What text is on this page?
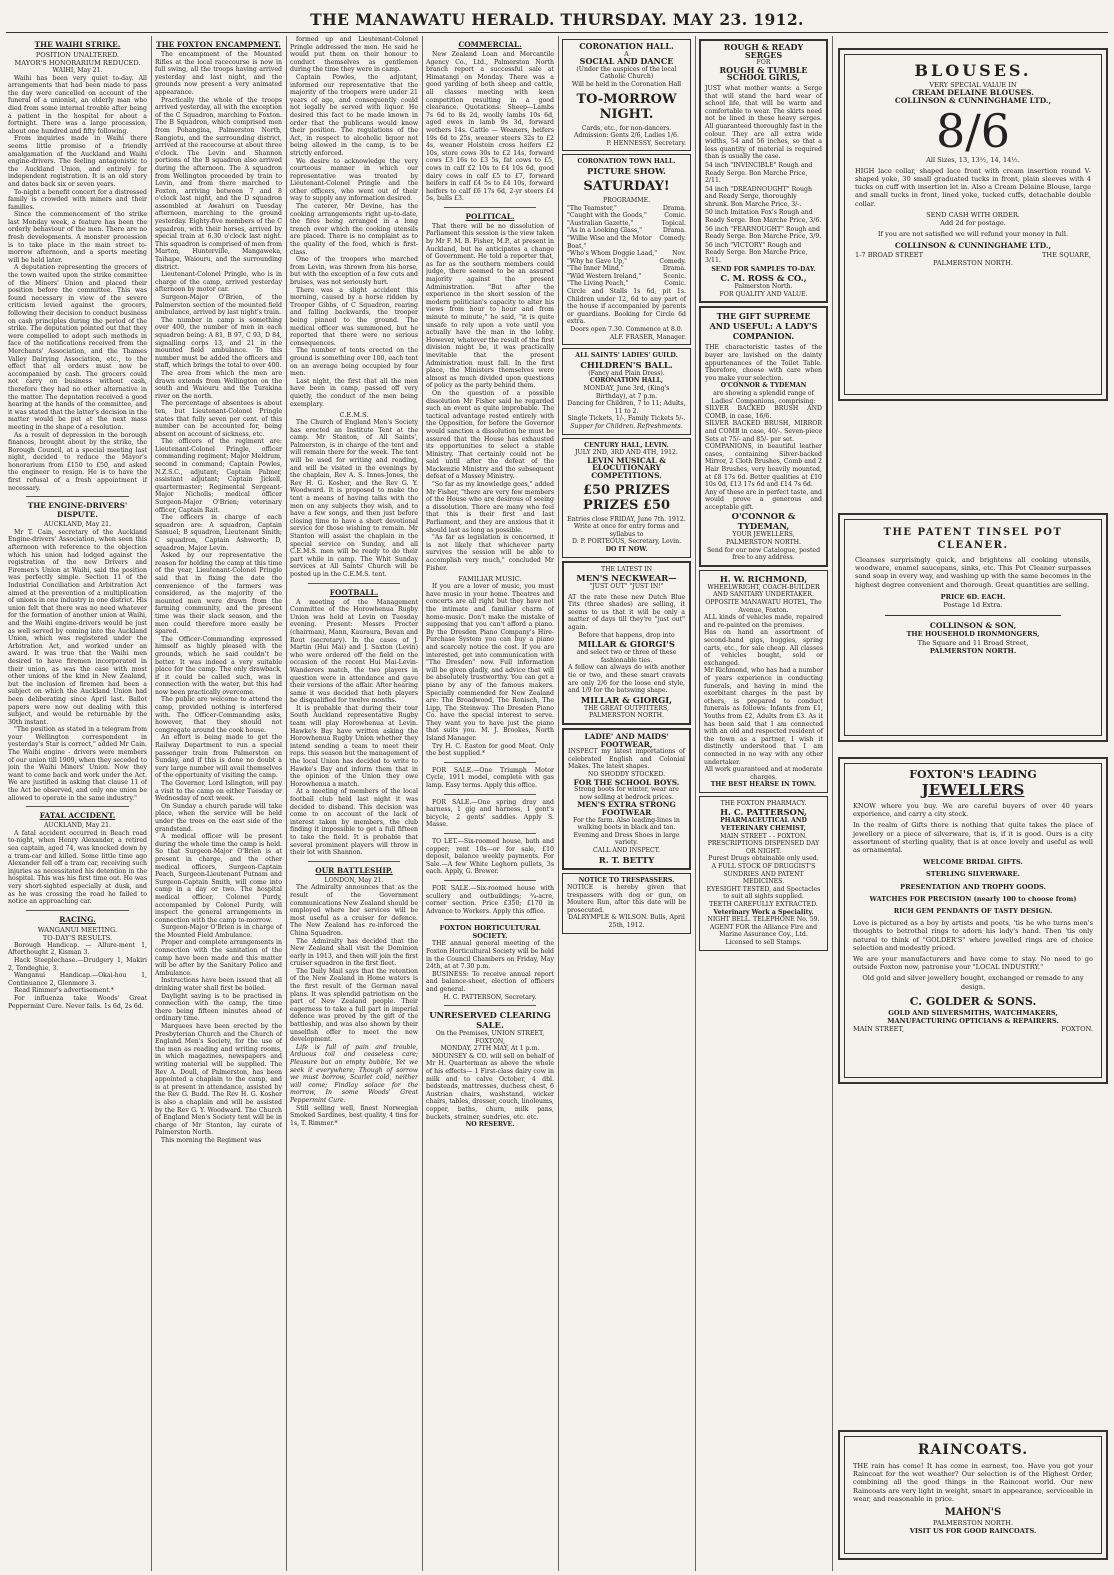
THE MANAWATU HERALD. THURSDAY. MAY 23. 1912.
THE WAIHI STRIKE.
POSITION UNALTERED.
MAYOR'S HONORARIUM REDUCED.
WAIHI, May 21.

Waihi has been very quiet to-day. All arrangements that had been made to pass the day were cancelled on account of the funeral of a unionist, an elderly man who died from some internal trouble after being a patient in the hospital for about a fortnight. There was a large procession, about one hundred and fifty following.

From inquiries made in Waihi there seems little promise of a friendly amalgamation of the Auckland and Waihi engine-drivers. The feeling antagonistic to the Auckland Union, and entirely for independent registration. It is an old story and dates back six or seven years.

To-night a benefit concert for a distressed family is crowded with miners and their families.

Since the commencement of the strike last Monday week, a feature has been the orderly behaviour of the men. There are no fresh developments. A monster procession is to take place in the main street to-morrow afternoon, and a sports meeting will be held later.

A deputation representing the grocers of the town waited upon the strike committee of the Miners' Union and placed their position before the committee. This was found necessary in view of the severe criticism levied against the grocers, following their decision to conduct business on cash principles during the period of the strike. The deputation pointed out that they were compelled to adopt such methods in face of the notifications received from the Merchants' Association, and the Thames Valley Dairying Association, etc., to the effect that all orders must now be accompanied by cash. The grocers could not carry on business without cash, therefore they had no other alternative in the matter. The deputation received a good hearing at the hands of the committee, and it was stated that the latter's decision in the matter would be put at the next mass meeting in the shape of a resolution.

As a result of depression in the borough finances, brought about by the strike, the Borough Council, at a special meeting last night, decided to reduce the Mayor's honorarium from £150 to £50, and asked the engineer to resign. He is to have the first refusal of a fresh appointment if necessary.

THE ENGINE-DRIVERS' DISPUTE.
AUCKLAND, May 21.

Mr T. Cain, secretary of the Auckland Engine-drivers' Association, when seen this afternoon with reference to the objection which his union had lodged against the registration of the new Drivers and Firemen's Union at Waihi, said the position was perfectly simple. Section 11 of the Industrial Conciliation and Arbitration Act aimed at the prevention of a multiplication of unions in one industry in one district. His union felt that there was no need whatever for the formation of another union at Waihi, and the Waihi engine-drivers would be just as well served by coming into the Auckland Union, which was registered under the Arbitration Act, and worked under an award. It was true that the Waihi men desired to have firemen incorporated in their union, as was the case with most other unions of the kind in New Zealand, but the inclusion of firemen had been a subject on which the Auckland Union had been deliberating since April last. Ballot papers were now out dealing with this subject, and would be returnable by the 30th instant.

"The position as stated in a telegram from your Wellington correspondent in yesterday's Star is correct," added Mr Cain. The Waihi engine - drivers were members of our union till 1909, when they seceded to join the Waihi Miners' Union. Now they want to come back and work under the Act. We are justified in asking that clause 11 of the Act be observed, and only one union be allowed to operate in the same industry."

FATAL ACCIDENT.
AUCKLAND, May 21.

A fatal accident occurred in Beach road to-night, when Henry Alexander, a retired sea captain, aged 74, was knocked down by a tram-car and killed. Some little time ago Alexander fell off a tram car, receiving such injuries as necessitated his detention in the hospital. This was his first time out. He was very short-sighted especially at dusk, and as he was crossing the road he failed to notice an approaching car.

RACING.
WANGANUI MEETING.
TO-DAY'S RESULTS.

Borough Handicap. — Allure-ment 1, Afterthought 2, Kisman 3.

Hack Steeplechase.—Drudgery 1, Makiri 2, Tondeghie, 3.

Wanganui Handicap.—Okai-hou 1, Continuance 2, Glenmore 3.

Read Rimmer's advertisement.*

For influenza take Woods' Great Peppermint Cure. Never fails. 1s 6d, 2s 6d.

THE FOXTON ENCAMPMENT.

The encampment of the Mounted Rifles at the local racecourse is now in full swing, all the troops having arrived yesterday and last night, and the grounds now present a very animated appearance.

Practically the whole of the troops arrived yesterday, all with the exception of the C Squadron, marching to Foxton. The B Squadron, which comprised men from Pohangina, Palmerston North, Rangiotu, and the surrounding district, arrived at the racecourse at about three o'clock. The Levin and Shannon portions of the B squadron also arrived during the afternoon. The A squadron from Wellington proceeded by train to Levin, and from there marched to Foxton, arriving between 7 and 8 o'clock last night, and the D squadron assembled at Awahuri on Tuesday afternoon, marching to the ground yesterday. Eighty-five members of the C squadron, with their horses, arrived by special train at 6.30 o'clock last night. This squadron is comprised of men from Marton, Hunterville, Mangaweka, Taihape, Waiouru, and the surrounding district.

Lieutenant-Colonel Pringle, who is in charge of the camp, arrived yesterday afternoon by motor car.

Surgeon-Major O'Brien, of the Palmerston section of the mounted field ambulance, arrived by last night's train.

The number in camp is something over 400, the number of men in each squadron being: A 81, B 97, C 93, D 84, signalling corps 13, and 21 in the mounted field ambulance. To this number must be added the officers and staff, which brings the total to over 400.

The area from which the men are drawn extends from Wellington on the south and Waiouru and the Turakina river on the north.

The percentage of absentees is about ten, but Lieutenant-Colonel Pringle states that fully seven per cent. of this number can be accounted for, being absent on account of sickness, etc.

The officers of the regiment are: Lieutenant-Colonel Pringle, officer commanding regiment; Major Meldrum, second in command; Captain Powles, N.Z.S.C., adjutant; Captain Palmer, assistant adjutant; Captain Jickell, quartermaster; Regimental Sergeant-Major Nicholls; medical officer Surgeon-Major O'Brien; veterinary officer, Captain Rait.

The officers in charge of each squadron are: A squadron, Captain Samuel; B squadron, Lieutenant Smith; C squadron, Captain Ashworth; D, squadron, Major Levin.

Asked by our representative the reason for holding the camp at this time of the year, Lieutenant-Colonel Pringle said that in fixing the date the convenience of the farmers was considered, as the majority of the mounted men were drawn from the farming community, and the present time was their slack season, and the men could therefore more easily be spared.

The Officer-Commanding expressed himself as highly pleased with the grounds, which he said couldn't be better. It was indeed a very suitable place for the camp. The only drawback, if it could be called such, was in connection with the water, but this had now been practically overcome.

The public are welcome to attend the camp, provided nothing is interfered with. The Officer-Commanding asks, however, that they should not congregate around the cook house.

An effort is being made to get the Railway Department to run a special passenger train from Palmerston on Sunday, and if this is done no doubt a very large number will avail themselves of the opportunity of visiting the camp.

The Governor, Lord Islington, will pay a visit to the camp on either Tuesday or Wednesday of next week.

On Sunday a church parade will take place, when the service will be held under the trees on the east side of the grandstand.

A medical officer will be present during the whole time the camp is held. So that Surgeon-Major O'Brien is at present in charge, and the other medical officers, Surgeon-Captain Peach, Surgeon-Lieutenant Putnam and Surgeon-Captain Smith, will come into camp in a day or two. The hospital medical officer, Colonel Purdy, accompanied by Colonel Purdy, will inspect the general arrangements in connection with the camp to-morrow.

Surgeon-Major O'Brien is in charge of the Mounted Field Ambulance.

Proper and complete arrangements in connection with the sanitation of the camp have been made and this matter will be after by the Sanitary Police and Ambulance.

Instructions have been issued that all drinking water shall first be boiled.

Daylight saving is to be practised in connection with the camp, the time there being fifteen minutes ahead of ordinary time.

Marquees have been erected by the Presbyterian Church and the Church of England Men's Society, for the use of the men as reading and writing rooms, in which magazines, newspapers and writing material will be supplied. The Rev A. Doull, of Palmerston, has been appointed a chaplain to the camp, and is at present in attendance, assisted by the Rev G. Budd. The Rev H. G. Kosher is also a chaplain and will be assisted by the Rev G. Y. Woodward. The Church of England Men's Society tent will be in charge of Mr Stanton, lay curate of Palmerston North.

This morning the Regiment was

formed up and Lieutenant-Colonel Pringle addressed the men. He said he would put them on their honour to conduct themselves as gentlemen during the time they were in camp.

Captain Powles, the adjutant, informed our representative that the majority of the troopers were under 21 years of age, and consequently could not legally be served with liquor. He desired this fact to be made known in order that the publicans would know their position. The regulations of the Act, in respect to alcoholic liquor not being allowed in the camp, is to be strictly enforced.

We desire to acknowledge the very courteous manner in which our representative was treated by Lieutenant-Colonel Pringle and the other officers, who went out of their way to supply any information desired.

The caterer, Mr Devine, has the cooking arrangements right up-to-date, the fires being arranged in a long trench over which the cooking utensils are placed. There is no complaint as to the quality of the food, which is first-class.

One of the troopers who marched from Levin, was thrown from his horse, but with the exception of a few cuts and bruises, was not seriously hurt.

There was a slight accident this morning, caused by a horse ridden by Trooper Gibbs, of C Squadron, rearing and falling backwards, the trooper being pinned to the ground. The medical officer was summoned, but he reported that there were no serious consequences.

The number of tents erected on the ground is something over 100, each tent on an average being occupied by four men.

Last night, the first that all the men have been in camp, passed off very quietly, the conduct of the men being exemplary.

C.E.M.S.

The Church of England Men's Society has erected an Institute Tent at the camp. Mr Stanton, of All Saints', Palmerston, is in charge of the tent and will remain there for the week. The tent will be used for writing and reading, and will be visited in the evenings by the chaplain, Rev A. S. Innes-Jones, the Rev H. G. Kosher, and the Rev G. Y. Woodward. It is proposed to make the tent a means of having talks with the men on any subjects they wish, and to have a few songs, and then just before closing time to have a short devotional service for those wishing to remain. Mr Stanton will assist the chaplain in the special service on Sunday, and all C.E.M.S. men will be ready to do their part while in camp. The Whit Sunday services at All Saints' Church will be posted up in the C.E.M.S. tent.

FOOTBALL.

A meeting of the Management Committee of the Horowhenua Rugby Union was held at Levin on Tuesday evening. Present: Messrs Procter (chairman), Mann, Kauraura, Bevan and Rout (secretary). In the cases of J. Martin (Hui Mai) and J. Saxton (Levin) who were ordered off the field on the occasion of the recent Hui Mai-Levin-Wanderers match, the two players in question were in attendance and gave their versions of the affair. After hearing same it was decided that both players be disqualified for twelve months.

It is probable that during their tour South Auckland representative Rugby team will play Horowhenua at Levin. Hawke's Bay have written asking the Horowhenua Rugby Union whether they intend sending a team to meet their reps. this season but the management of the local Union has decided to write to Hawke's Bay and inform them that in the opinion of the Union they owe Horowhenua a match.

At a meeting of members of the local football club held last night it was decided to disband. This decision was come to on account of the lack of interest taken by members, the club finding it impossible to get a full fifteen to take the field. It is probable that several prominent players will throw in their lot with Shannon.

OUR BATTLESHIP.
LONDON, May 21.

The Admiralty announces that as the result of the Government communications New Zealand should be employed where her services will be most useful as a cruiser for defence. The New Zealand has re-inforced the China Squadron.

The Admiralty has decided that the New Zealand shall visit the Dominion early in 1913, and then will join the first cruiser squadron in the first fleet.

The Daily Mail says that the retention of the New Zealand in Home waters is the first result of the German naval plans. It was splendid patriotism on the part of New Zealand people. Their eagerness to take a full part in imperial defence was proved by the gift of the battleship, and was also shown by their unselfish offer to meet the new development.

Life is full of pain and trouble, Arduous toil and ceaseless care; Pleasure but an empty bubble, Yet we seek it everywhere; Though of sorrow we must borrow, Scarlet cold, neither will come; Findlay solace for the morrow, In some Woods' Great Peppermint Cure.

Still selling well, finest Norwegian Smoked Sardines, best quality, 4 tins for 1s, T. Rimmer.*

COMMERCIAL.

New Zealand Loan and Mercantile Agency Co., Ltd., Palmerston North branch report a successful sale at Himatangi on Monday. There was a good yarding of both sheep and cattle, all classes meeting with keen competition resulting in a good clearance. Quotations: Sheep—Lambs 7s 6d to 8s 2d, woolly lambs 10s 6d, aged ewes in lamb 9s 3d, forward wethers 14s. Cattle — Weaners, heifers 19s 6d to 25s, weaner steers 32s to £2 4s, weaner Holstein cross heifers £2 10s, store cows 30s to £2 14s, forward cows £3 16s to £3 5s, fat cows to £5, cows in calf £2 10s to £4 10s 6d, good dairy cows in calf £5 to £7, forward heifers in calf £4 5s to £4 10s, forward heifers to calf £6 17s 6d, 2-yr steers £4 5s, bulls £3.

POLITICAL.

That there will be no dissolution of Parliament this session is the view taken by Mr F. M. B. Fisher, M.P., at present in Auckland, but he anticipates a change of Government. He told a reporter that, as far as the southern members could judge, there seemed to be an assured majority against the present Administration. "But after the experience in the short session of the modern politician's capacity to alter his views from hour to hour and from minute to minute," he said, "it is quite unsafe to rely upon a vote until you actually have the man in the lobby. However, whatever the result of the first division might be, it was practically inevitable that the present Administration must fall. In the first place, the Ministers themselves were almost as much divided upon questions of policy as the party behind them.

On the question of a possible dissolution Mr Fisher said he regarded such an event as quite improbable. The tactical advantage rested entirely with the Opposition, for before the Governor would sanction a dissolution he must be assured that the House has exhausted its opportunities to select a stable Ministry. That certainly could not be said until after the defeat of the Mackenzie Ministry and the subsequent defeat of a Massey Ministry.

"So far as my knowledge goes," added Mr Fisher, "there are very few members of the House who are desirous of seeing a dissolution. There are many who feel that this is their first and last Parliament, and they are anxious that it should last as long as possible.

"As far as legislation is concerned, it is not likely that whichever party survives the session will be able to accomplish very much," concluded Mr Fisher.

FAMILIAR MUSIC.

If you are a lover of music, you must have music in your home. Theatres and concerts are all right but they have not the intimate and familiar charm of home-music. Don't make the mistake of supposing that you can't afford a piano. By the Dresden Piano Company's Hire-Purchase System you can buy a piano and scarcely notice the cost. If you are interested, get into communication with "The Dresden" now. Full information will be given gladly, and advice that will be absolutely trustworthy. You can get a piano by any of the famous makers. Specially commended for New Zealand are: The Broadwood, The Ronisch, The Lipp, The Steinway. The Dresden Piano Co. have the special interest to serve. They want you to have just the piano that suits you. M. J. Brookes, North Island Manager.

Try H. C. Easton for good Meat. Only the best supplied.*

FOR SALE.—One Triumph Motor Cycle, 1911 model, complete with gas lamp. Easy terms. Apply this office.

FOR SALE.—One spring dray and harness, 1 gig and harness, 1 gent's bicycle, 2 gents' saddles. Apply S. Masse.

TO LET.—Six-roomed house, bath and copper; rent 10s—or for sale, £10 deposit, balance weekly payments. For Sale.—A few White Leghorn pullets, 3s each. Apply, G. Brewer.

FOR SALE.—Six-roomed house with scullery and outbuildings; ¾-acre, corner section. Price £350; £170 in Advance to Workers. Apply this office.

FOXTON HORTICULTURAL SOCIETY.

THE annual general meeting of the Foxton Horticultural Society will be held in the Council Chambers on Friday, May 24th, at at 7.30 p.m.

BUSINESS: To receive annual report and balance-sheet, election of officers and general.

H. C. PATTERSON, Secretary.
UNRESERVED CLEARING SALE.
On the Premises, UNION STREET, FOXTON,
MONDAY, 27TH MAY, At 1 p.m.

MOUNSEY & CO. will sell on behalf of Mr H. Quarterman as above the whole of his effects— 1 First-class dairy cow in milk and to calve October, 4 dbl. bedsteads, mattresses, duchess chest, 6 Austrian chairs, washstand, wicker chairs, tables, dresser, couch, linoleums, copper, baths, churn, milk pans, buckets, strainer, sundries, etc. etc.

NO RESERVE.
CORONATION HALL.
A
SOCIAL AND DANCE
(Under the auspices of the local Catholic Church)
Will be held in the Coronation Hall
TO-MORROW NIGHT.
Cards, etc., for non-dancers. Admission: Gents 2/6, Ladies 1/6.
P. HENNESSY, Secretary.
CORONATION TOWN HALL.
PICTURE SHOW.
SATURDAY!
PROGRAMME.
"The Teamster,"	Drama.
"Caught with the Goods,"	Comic.
"Australian Gazette,"	Topical.
"As in a Looking Glass,"	Drama.
"Willie Wise and the Motor Boat,"
Comedy.
"Who's Whom Doggie Laad," Nov.
"Why he Gave Up,"	Comedy.
"The Inner Mind,"	Drama.
"Wild Western Ireland,"	Scenic.
"The Living Peach,"	Comic.
Circle and Stalls 1s 6d, pit 1s. Children under 12, 6d to any part of the house if accompanied by parents or guardians. Booking for Circle 6d extra.
Doors open 7.30. Commence at 8.0.
ALF. FRASER, Manager.
ALL SAINTS' LADIES' GUILD.
CHILDREN'S BALL.
(Fancy and Plain Dress).
CORONATION HALL,
MONDAY, June 3rd, (King's Birthday), at 7 p.m.
Dancing for Children, 7 to 11; Adults, 11 to 2.
Single Tickets, 1/-, Family Tickets 5/-.
Supper for Children. Refreshments.
CENTURY HALL, LEVIN.
JULY 2ND, 3RD AND 4TH, 1912.
LEVIN MUSICAL & ELOCUTIONARY COMPETITIONS.
£50 PRIZES PRIZES £50
Entries close FRIDAY, June 7th. 1912.
Write at once for entry forms and syllabus to
D. P. PORTEOUS, Secretary, Levin.
DO IT NOW.
THE LATEST IN
MEN'S NECKWEAR—
"JUST OUT" "JUST IN!"
AT the rate these new Dutch Blue Tits (three shades) are selling, it seems to us that it will be only a matter of days till they're "just out" again.
Before that happens, drop into
MILLAR & GIORGI'S
and select two or three of these fashionable ties.
A fellow can always do with another tie or two, and these smart cravats are only 2/6 for the loose end style, and 1/9 for the batswing shape.
MILLAR & GIORGI,
THE GREAT OUTFITTERS,
PALMERSTON NORTH.
LADIE' AND MAIDS' FOOTWEAR,
INSPECT my latest importations of celebrated English and Colonial Makes. The latest shapes.
NO SHODDY STOCKED.
FOR THE SCHOOL BOYS.
Strong boots for winter, wear are now selling at bedrock prices.
MEN'S EXTRA STRONG FOOTWEAR
For the farm. Also leading-lines in walking boots in black and tan.
Evening and Dress Shoes in large variety.
CALL AND INSPECT.
R. T. BETTY
NOTICE TO TRESPASSERS.
NOTICE is hereby given that trespassers with dog or gun, on Moutere Run, after this date will be prosecuted.
DALRYMPLE & WILSON. Bulls, April 25th, 1912.
ROUGH & READY SERGES
FOR
ROUGH & TUMBLE SCHOOL GIRLS,
JUST what mother wants: a Serge that will stand the hard wear of school life, that will be warm and comfortable to wear. The skirts need not be lined in these heavy serges. All guaranteed thoroughly fast in the colour. They are all extra wide widths, 54 and 56 inches, so that a less quantity of material is required than is usually the case.
54 inch "INVINCIBLE" Rough and Ready Serge. Bon Marche Price, 2/11.
54 inch "DREADNOUGHT" Rough and Ready Serge, thoroughly shrunk. Bon Marche Price, 3/-.
50 inch Imitation Fox's Rough and Ready Serge. Bon Marche Price, 3/6.
56 inch "FEARNOUGHT" Rough and Ready Serge. Bon Marche Price, 3/9.
56 inch "VICTORY" Rough and Ready Serge. Bon Marche Price, 3/11.
SEND FOR SAMPLES TO-DAY.
C. M. ROSS & CO.,
Palmerston North.
FOR QUALITY AND VALUE.
THE GIFT SUPREME AND USEFUL: A LADY'S COMPANION.
THE characteristic tastes of the buyer are lavished on the dainty appurtenances of the Toilet Table. Therefore, choose with care when you make your selection.
O'CONNOR & TYDEMAN
are showing a splendid range of Ladies' Companions, comprising:
SILVER BACKED BRUSH AND COMB, in case, 16/6.
SILVER BACKED BRUSH, MIRROR and COMB in case, 40/-. Seven-piece Sets at 75/- and 85/- per set.
COMPANIONS, in beautiful leather cases, containing Silver-backed Mirror, 2 Cloth Brushes, Comb and 2 Hair Brushes, very heavily mounted, at £8 17s 6d. Better qualities at £10 10s 0d, £13 17s 6d and £14 7s 6d.
Any of these are in perfect taste, and would prove a generous and acceptable gift.
O'CONNOR & TYDEMAN,
YOUR JEWELLERS,
PALMERSTON NORTH.
Send for our new Catalogue, posted free to any address.
H. W. RICHMOND,
WHEELWRIGHT, COACH-BUILDER AND SANITARY UNDERTAKER.
OPPOSITE MANAWATU HOTEL, The Avenue, Foxton.
ALL kinds of vehicles made, repaired and re-painted on the premises.
Has on hand an assortment of second-hand gigs, buggies, spring carts, etc., for sale cheap. All classes of vehicles bought, sold or exchanged.
Mr Richmond, who has had a number of years experience in conducting funerals, and having in mind the exorbitant charges in the past by others, is prepared to conduct funerals as follows: Infants from £1, Youths from £2, Adults from £3. As it has been said that I am connected with an old and respected resident of the town as a partner, I wish it distinctly understood that I am connected in no way with any other undertaker.
All work guaranteed and at moderate charges.
THE BEST HEARSE IN TOWN.
THE FOXTON PHARMACY.
H. C. PATTERSON,
PHARMACEUTICAL AND VETERINARY CHEMIST,
MAIN STREET - - FOXTON.
PRESCRIPTIONS DISPENSED DAY OR NIGHT.
Purest Drugs obtainable only used.
A FULL STOCK OF DRUGGIST'S SUNDRIES AND PATENT MEDICINES.
EYESIGHT TESTED, and Spectacles to suit all sights supplied.
TEETH CAREFULLY EXTRACTED.
Veterinary Work a Speciality.
NIGHT BELL. TELEPHONE No. 59.
AGENT FOR the Alliance Fire and Marine Assurance Coy., Ltd.
Licensed to sell Stamps.
BLOUSES.
VERY SPECIAL VALUE IN
CREAM DELAINE BLOUSES.
COLLINSON & CUNNINGHAME LTD.,
8/6
All Sizes, 13, 13½, 14, 14½.
HIGH lace collar, shaped lace front with cream insertion round V-shaped yoke, 30 small graduated tucks in front, plain sleeves with 4 tucks on cuff with insertion let in. Also a Cream Delaine Blouse, large and small tucks in front, lined yoke, tucked cuffs, detachable double collar.
SEND CASH WITH ORDER.
Add 2d for postage.
If you are not satisfied we will refund your money in full.
COLLINSON & CUNNINGHAME LTD.,
1-7 BROAD STREET	THE SQUARE,
PALMERSTON NORTH.
THE PATENT TINSEL POT CLEANER.
Cleanses surprisingly quick, and brightens all cooking utensils, woodware, enamel saucepans, sinks, etc. This Pot Cleaner surpasses sand soap in every way, and washing up with the same becomes in the highest degree convenient and thorough. Great quantities are selling.
PRICE 6D. EACH.
Postage 1d Extra.
COLLINSON & SON,
THE HOUSEHOLD IRONMONGERS,
The Square and 11 Broad Street,
PALMERSTON NORTH.
FOXTON'S LEADING
JEWELLERS
KNOW where you buy. We are careful buyers of over 40 years experience, and carry a city stock.
In the realm of Gifts there is nothing that quite takes the place of jewellery or a piece of silverware, that is, if it is good. Ours is a city assortment of sterling quality, that is at once lovely and useful as well as ornamental.
WELCOME BRIDAL GIFTS.
STERLING SILVERWARE.
PRESENTATION AND TROPHY GOODS.
WATCHES FOR PRECISION (nearly 100 to choose from)
RICH GEM PENDANTS OF TASTY DESIGN.
Love is pictured as a boy by artists and poets, 'tis he who turns men's thoughts to betrothal rings to adorn his lady's hand. Then 'tis only natural to think of "GOLDER'S" where jewelled rings are of choice selection and modestly priced.
We are your manufacturers and have come to stay. No need to go outside Foxton now, patronise your "LOCAL INDUSTRY."
Old gold and silver jewellery bought, exchanged or remade to any design.
C. GOLDER & SONS.
GOLD AND SILVERSMITHS, WATCHMAKERS, MANUFACTURING OPTICIANS & REPAIRERS.
MAIN STREET,	FOXTON.
RAINCOATS.
THE rain has come! It has come in earnest, too. Have you got your Raincoat for the wet weather? Our selection is of the Highest Order, combining all the good things in the Raincoat world. Our new Raincoats are very light in weight, smart in appearance, serviceable in wear, and reasonable in price.
MAHON'S
PALMERSTON NORTH.
VISIT US FOR GOOD RAINCOATS.
